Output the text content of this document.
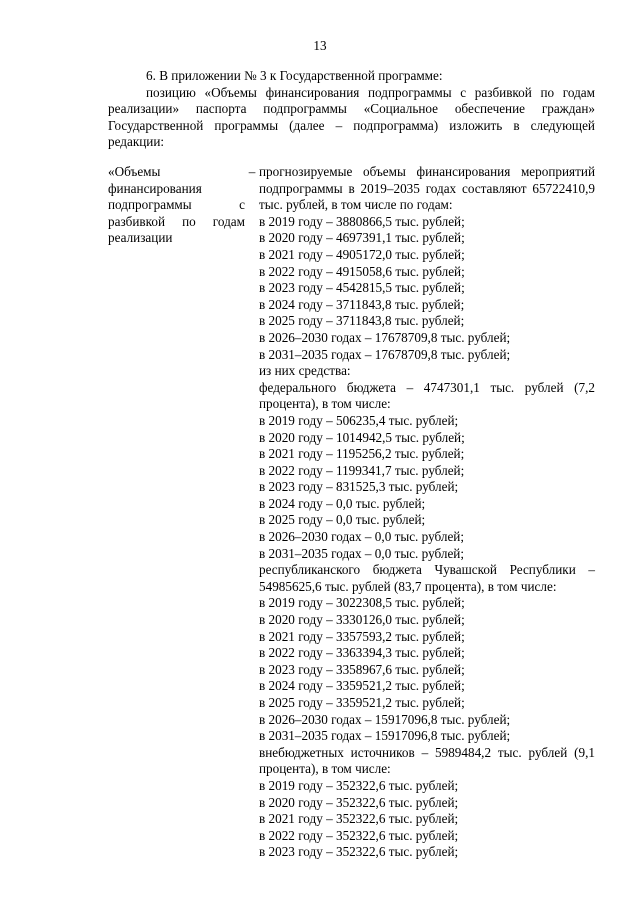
13

6. В приложении № 3 к Государственной программе:

позицию «Объемы финансирования подпрограммы с разбивкой по годам реализации» паспорта подпрограммы «Социальное обеспечение граждан» Государственной программы (далее – подпрограмма) изложить в следующей редакции:

«Объемы финансирования подпрограммы с разбивкой по годам реализации
– прогнозируемые объемы финансирования мероприятий подпрограммы в 2019–2035 годах составляют 65722410,9 тыс. рублей, в том числе по годам:
в 2019 году – 3880866,5 тыс. рублей;
в 2020 году – 4697391,1 тыс. рублей;
в 2021 году – 4905172,0 тыс. рублей;
в 2022 году – 4915058,6 тыс. рублей;
в 2023 году – 4542815,5 тыс. рублей;
в 2024 году – 3711843,8 тыс. рублей;
в 2025 году – 3711843,8 тыс. рублей;
в 2026–2030 годах – 17678709,8 тыс. рублей;
в 2031–2035 годах – 17678709,8 тыс. рублей;
из них средства:
федерального бюджета – 4747301,1 тыс. рублей (7,2 процента), в том числе:
в 2019 году – 506235,4 тыс. рублей;
в 2020 году – 1014942,5 тыс. рублей;
в 2021 году – 1195256,2 тыс. рублей;
в 2022 году – 1199341,7 тыс. рублей;
в 2023 году – 831525,3 тыс. рублей;
в 2024 году – 0,0 тыс. рублей;
в 2025 году – 0,0 тыс. рублей;
в 2026–2030 годах – 0,0 тыс. рублей;
в 2031–2035 годах – 0,0 тыс. рублей;
республиканского бюджета Чувашской Республики – 54985625,6 тыс. рублей (83,7 процента), в том числе:
в 2019 году – 3022308,5 тыс. рублей;
в 2020 году – 3330126,0 тыс. рублей;
в 2021 году – 3357593,2 тыс. рублей;
в 2022 году – 3363394,3 тыс. рублей;
в 2023 году – 3358967,6 тыс. рублей;
в 2024 году – 3359521,2 тыс. рублей;
в 2025 году – 3359521,2 тыс. рублей;
в 2026–2030 годах – 15917096,8 тыс. рублей;
в 2031–2035 годах – 15917096,8 тыс. рублей;
внебюджетных источников – 5989484,2 тыс. рублей (9,1 процента), в том числе:
в 2019 году – 352322,6 тыс. рублей;
в 2020 году – 352322,6 тыс. рублей;
в 2021 году – 352322,6 тыс. рублей;
в 2022 году – 352322,6 тыс. рублей;
в 2023 году – 352322,6 тыс. рублей;
